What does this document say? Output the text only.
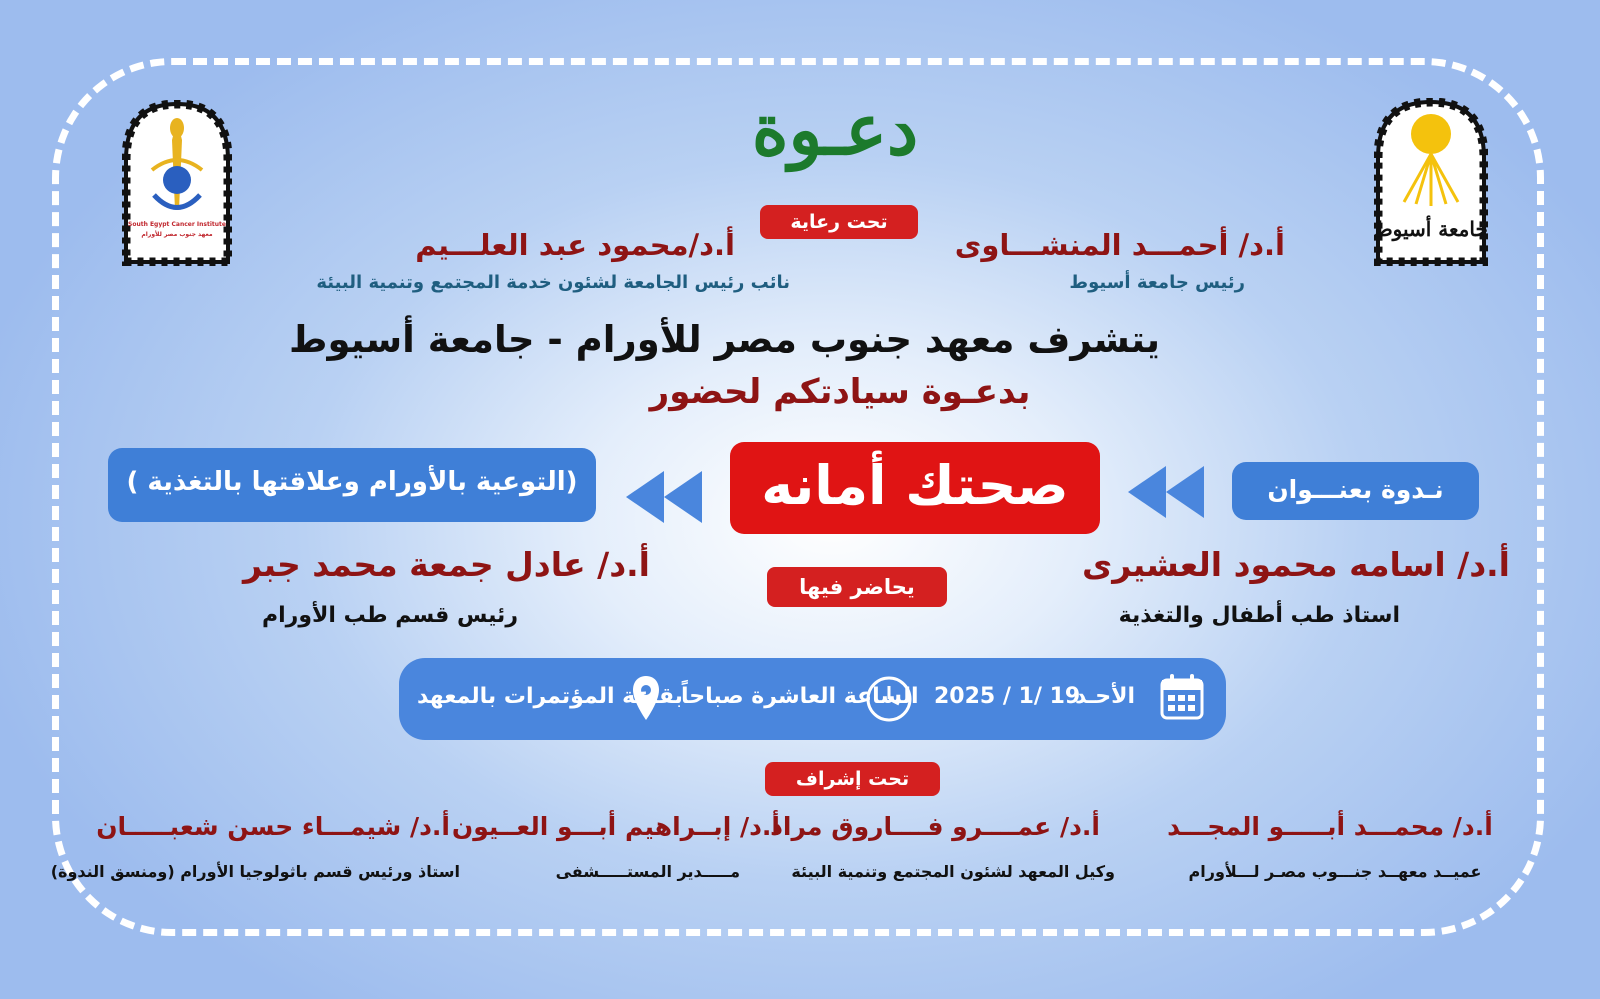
South Egypt Cancer Institute
معهد جنوب مصر للأورام	جامعة أسيوط
دعـوة
تحت رعاية
أ.د/ أحمـــد المنشـــاوى
رئيس جامعة أسيوط
أ.د/محمود عبد العلـــيم
نائب رئيس الجامعة لشئون خدمة المجتمع وتنمية البيئة
يتشرف معهد جنوب مصر للأورام - جامعة أسيوط
بدعـوة سيادتكم لحضور
نـدوة بعنـــوان
صحتك أمانه
(التوعية بالأورام وعلاقتها بالتغذية )
أ.د/ اسامه محمود العشيرى
استاذ طب أطفال والتغذية
يحاضر فيها
أ.د/ عادل جمعة محمد جبر
رئيس قسم طب الأورام
الأحـد
2025 / 1/ 19
الساعة العاشرة صباحاً
بقاعة المؤتمرات بالمعهد
تحت إشراف
أ.د/ محمـــد أبـــــو المجـــد
عميــد معهــد جنـــوب مصـر لـــلأورام
أ.د/ عمــــرو فــــاروق مراد
وكيل المعهد لشئون المجتمع وتنمية البيئة
أ.د/ إبــراهيم أبـــو العــيون
مـــــدير المستـــــشفى
أ.د/ شيمـــاء حسن شعبـــــان
استاذ ورئيس قسم باثولوجيا الأورام (ومنسق الندوة)
